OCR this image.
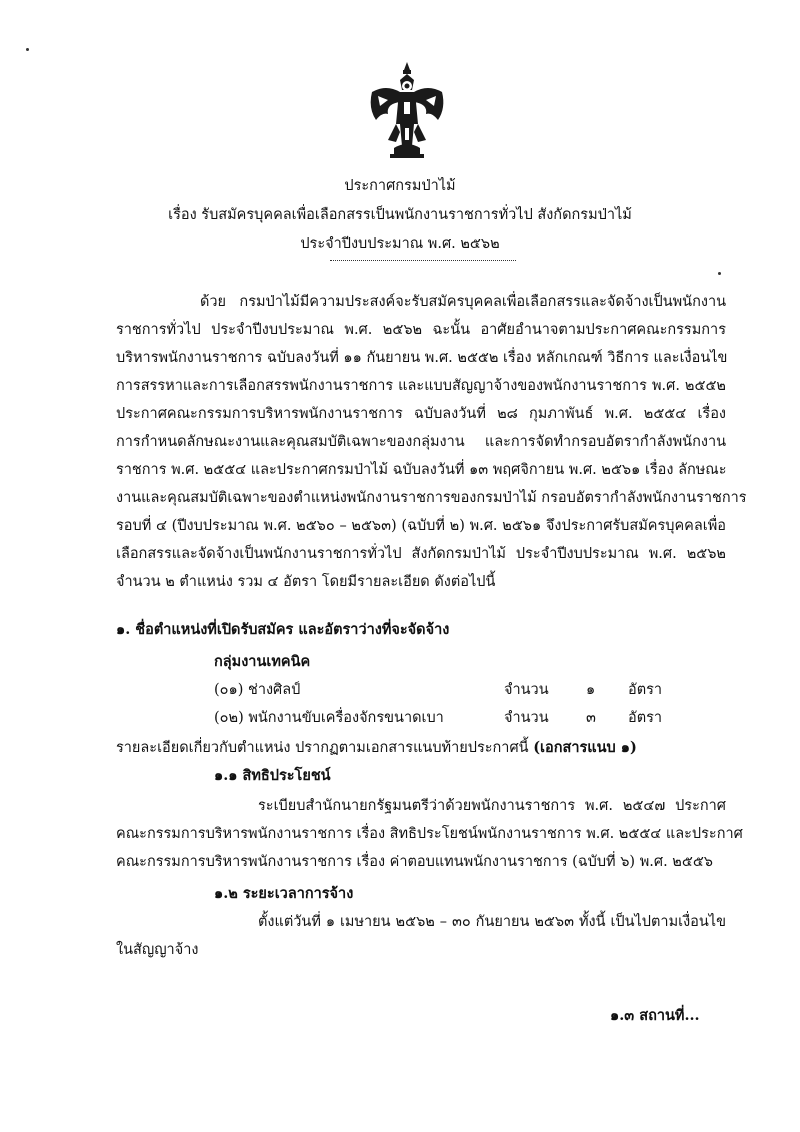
ประกาศกรมป่าไม้
เรื่อง รับสมัครบุคคลเพื่อเลือกสรรเป็นพนักงานราชการทั่วไป สังกัดกรมป่าไม้
ประจำปีงบประมาณ พ.ศ. ๒๕๖๒
ด้วย กรมป่าไม้มีความประสงค์จะรับสมัครบุคคลเพื่อเลือกสรรและจัดจ้างเป็นพนักงาน
ราชการทั่วไป ประจำปีงบประมาณ พ.ศ. ๒๕๖๒ ฉะนั้น อาศัยอำนาจตามประกาศคณะกรรมการ
บริหารพนักงานราชการ ฉบับลงวันที่ ๑๑ กันยายน พ.ศ. ๒๕๕๒ เรื่อง หลักเกณฑ์ วิธีการ และเงื่อนไข
การสรรหาและการเลือกสรรพนักงานราชการ และแบบสัญญาจ้างของพนักงานราชการ พ.ศ. ๒๕๕๒
ประกาศคณะกรรมการบริหารพนักงานราชการ ฉบับลงวันที่ ๒๘ กุมภาพันธ์ พ.ศ. ๒๕๕๔ เรื่อง
การกำหนดลักษณะงานและคุณสมบัติเฉพาะของกลุ่มงาน และการจัดทำกรอบอัตรากำลังพนักงาน
ราชการ พ.ศ. ๒๕๕๔ และประกาศกรมป่าไม้ ฉบับลงวันที่ ๑๓ พฤศจิกายน พ.ศ. ๒๕๖๑ เรื่อง ลักษณะ
งานและคุณสมบัติเฉพาะของตำแหน่งพนักงานราชการของกรมป่าไม้ กรอบอัตรากำลังพนักงานราชการ
รอบที่ ๔ (ปีงบประมาณ พ.ศ. ๒๕๖๐ – ๒๕๖๓) (ฉบับที่ ๒) พ.ศ. ๒๕๖๑ จึงประกาศรับสมัครบุคคลเพื่อ
เลือกสรรและจัดจ้างเป็นพนักงานราชการทั่วไป สังกัดกรมป่าไม้ ประจำปีงบประมาณ พ.ศ. ๒๕๖๒
จำนวน ๒ ตำแหน่ง รวม ๔ อัตรา โดยมีรายละเอียด ดังต่อไปนี้
๑. ชื่อตำแหน่งที่เปิดรับสมัคร และอัตราว่างที่จะจัดจ้าง
กลุ่มงานเทคนิค
(๐๑) ช่างศิลป์	จำนวน	๑ อัตรา
(๐๒) พนักงานขับเครื่องจักรขนาดเบา	จำนวน	๓ อัตรา
รายละเอียดเกี่ยวกับตำแหน่ง ปรากฏตามเอกสารแนบท้ายประกาศนี้ (เอกสารแนบ ๑)
๑.๑ สิทธิประโยชน์
ระเบียบสำนักนายกรัฐมนตรีว่าด้วยพนักงานราชการ พ.ศ. ๒๕๔๗ ประกาศ
คณะกรรมการบริหารพนักงานราชการ เรื่อง สิทธิประโยชน์พนักงานราชการ พ.ศ. ๒๕๕๔ และประกาศ
คณะกรรมการบริหารพนักงานราชการ เรื่อง ค่าตอบแทนพนักงานราชการ (ฉบับที่ ๖) พ.ศ. ๒๕๕๖
๑.๒ ระยะเวลาการจ้าง
ตั้งแต่วันที่ ๑ เมษายน ๒๕๖๒ – ๓๐ กันยายน ๒๕๖๓ ทั้งนี้ เป็นไปตามเงื่อนไข
ในสัญญาจ้าง
๑.๓ สถานที่...
